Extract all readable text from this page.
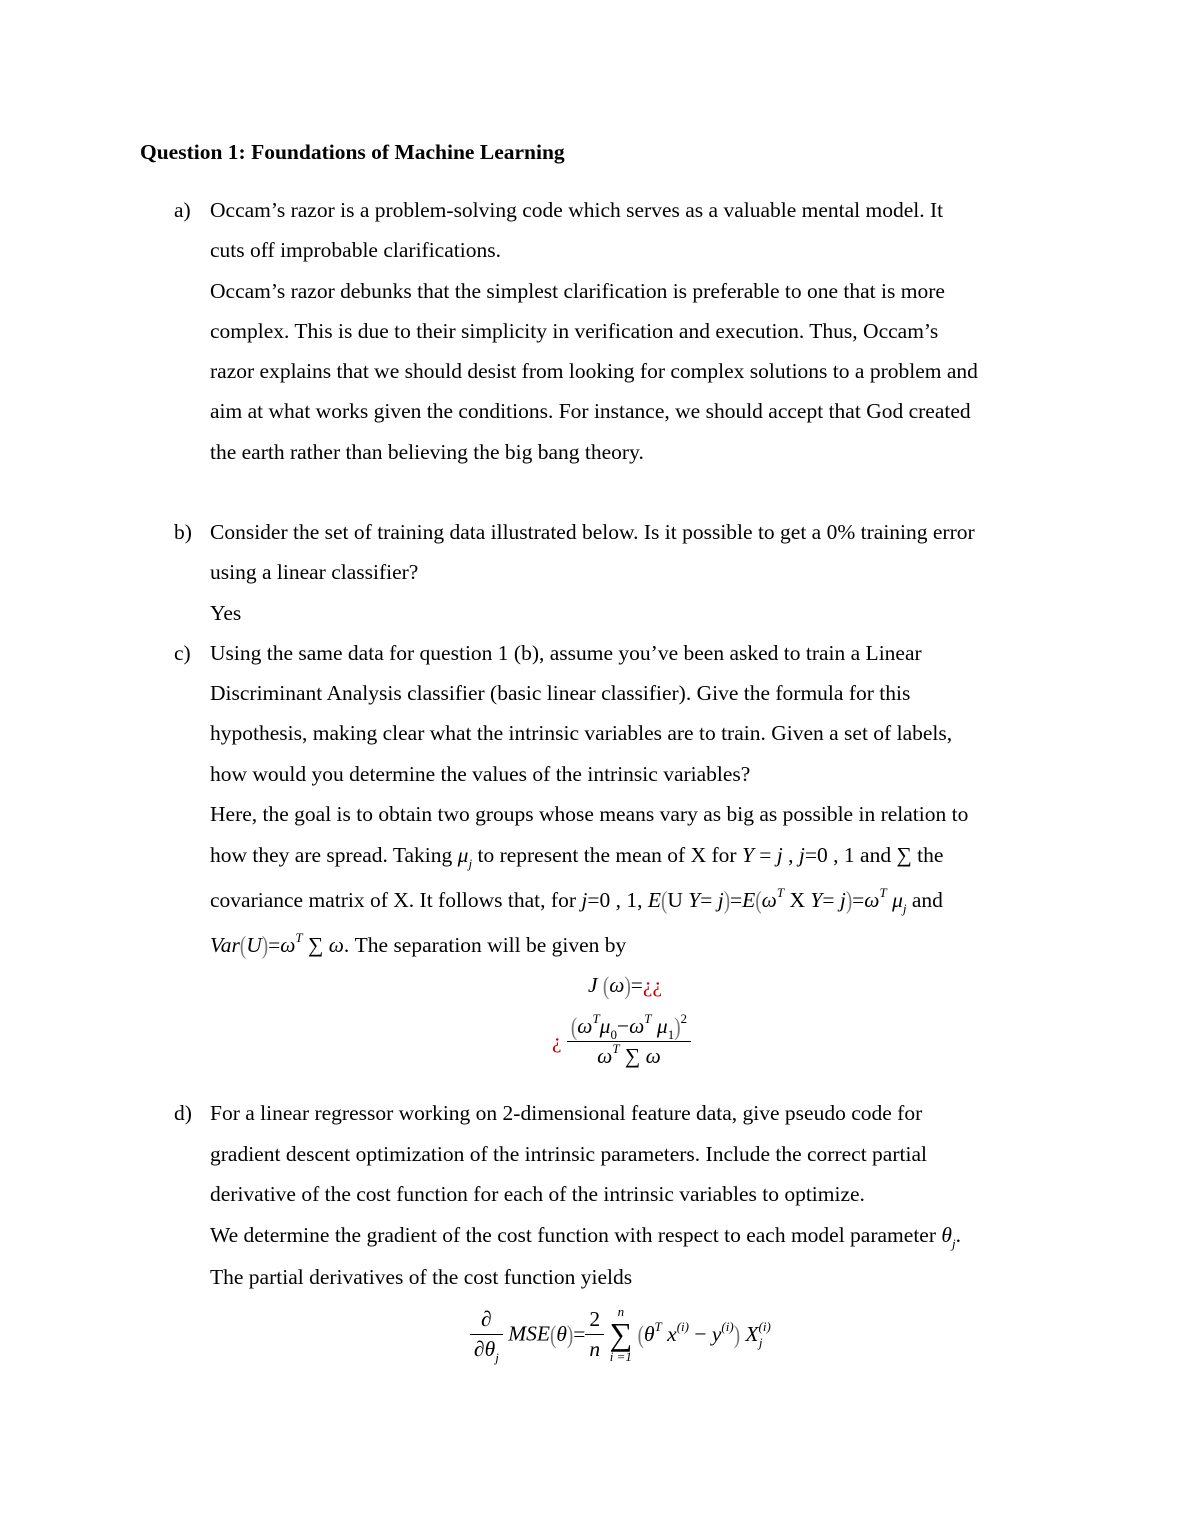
Question 1: Foundations of Machine Learning
a) Occam’s razor is a problem-solving code which serves as a valuable mental model. It
cuts off improbable clarifications.
Occam’s razor debunks that the simplest clarification is preferable to one that is more
complex. This is due to their simplicity in verification and execution. Thus, Occam’s
razor explains that we should desist from looking for complex solutions to a problem and
aim at what works given the conditions. For instance, we should accept that God created
the earth rather than believing the big bang theory.
b) Consider the set of training data illustrated below. Is it possible to get a 0% training error
using a linear classifier?
Yes
c) Using the same data for question 1 (b), assume you’ve been asked to train a Linear
Discriminant Analysis classifier (basic linear classifier). Give the formula for this
hypothesis, making clear what the intrinsic variables are to train. Given a set of labels,
how would you determine the values of the intrinsic variables?
Here, the goal is to obtain two groups whose means vary as big as possible in relation to
how they are spread. Taking $\mu_j$ to represent the mean of X for Y = j , j=0 , 1 and ∑ the
covariance matrix of X. It follows that, for j=0 , 1, E(U $Y= j)=E(\omega^T$ X $Y= j)=\omega^T$ $\mu_j$ and
$Var(U)=\omega^T$ ∑ ω. The separation will be given by
J (ω)=¿¿
¿ $\frac{(\omega^T\mu_0-\omega^T \mu_1)^2}{\omega^T \sum \omega}$
d) For a linear regressor working on 2-dimensional feature data, give pseudo code for
gradient descent optimization of the intrinsic parameters. Include the correct partial
derivative of the cost function for each of the intrinsic variables to optimize.
We determine the gradient of the cost function with respect to each model parameter $\theta_j$.
The partial derivatives of the cost function yields
$\frac{\partial}{\partial\theta_j} MSE(\theta)= \frac{2}{n}$
	n
∑
i =1
($\theta^T$ $x^{(i)} - y^{(i)}$) $X^{(i)}_j$
